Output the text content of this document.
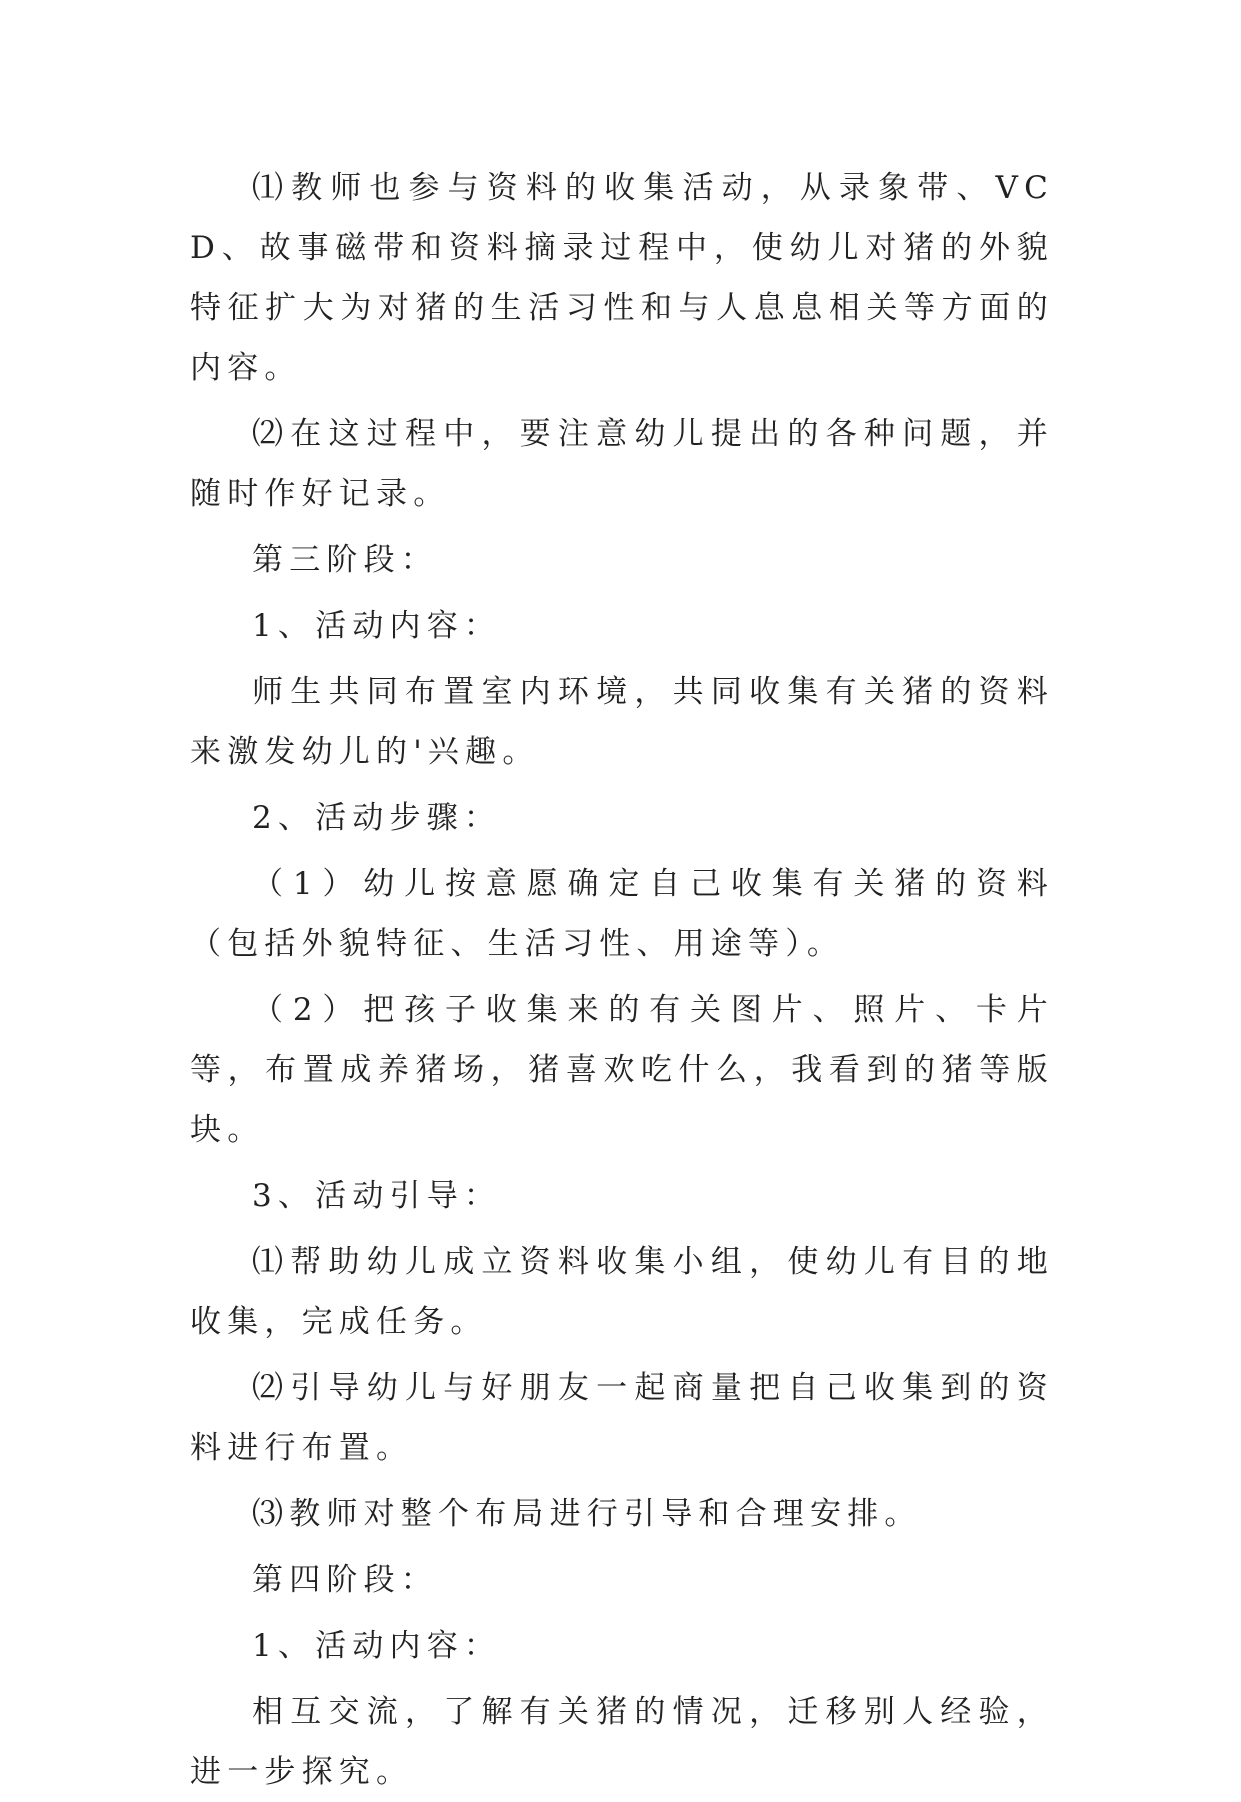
⑴教师也参与资料的收集活动，从录象带、VCD、故事磁带和资料摘录过程中，使幼儿对猪的外貌特征扩大为对猪的生活习性和与人息息相关等方面的内容。

⑵在这过程中，要注意幼儿提出的各种问题，并随时作好记录。

第三阶段：

1、活动内容：

师生共同布置室内环境，共同收集有关猪的资料来激发幼儿的'兴趣。

2、活动步骤：

（1）幼儿按意愿确定自己收集有关猪的资料（包括外貌特征、生活习性、用途等）。

（2）把孩子收集来的有关图片、照片、卡片等，布置成养猪场，猪喜欢吃什么，我看到的猪等版块。

3、活动引导：

⑴帮助幼儿成立资料收集小组，使幼儿有目的地收集，完成任务。

⑵引导幼儿与好朋友一起商量把自己收集到的资料进行布置。

⑶教师对整个布局进行引导和合理安排。

第四阶段：

1、活动内容：

相互交流，了解有关猪的情况，迁移别人经验，进一步探究。
